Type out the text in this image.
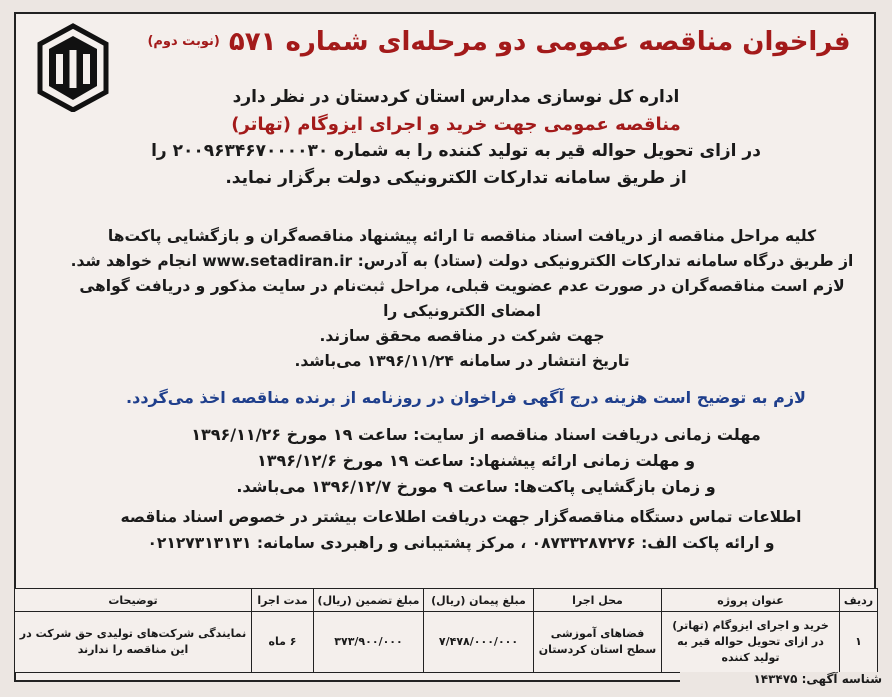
فراخوان مناقصه عمومی دو مرحله‌ای شماره ۵۷۱ $^{(نوبت دوم)}$
اداره کل نوسازی مدارس استان کردستان در نظر دارد
مناقصه عمومی جهت خرید و اجرای ایزوگام (تهاتر)
در ازای تحویل حواله قیر به تولید کننده را به شماره ۲۰۰۹۶۳۴۶۷۰۰۰۰۳۰ را
از طریق سامانه تدارکات الکترونیکی دولت برگزار نماید.
کلیه مراحل مناقصه از دریافت اسناد مناقصه تا ارائه پیشنهاد مناقصه‌گران و بازگشایی پاکت‌ها
از طریق درگاه سامانه تدارکات الکترونیکی دولت (ستاد) به آدرس: www.setadiran.ir انجام خواهد شد.
لازم است مناقصه‌گران در صورت عدم عضویت قبلی، مراحل ثبت‌نام در سایت مذکور و دریافت گواهی امضای الکترونیکی را
جهت شرکت در مناقصه محقق سازند.
تاریخ انتشار در سامانه ۱۳۹۶/۱۱/۲۴ می‌باشد.
لازم به توضیح است هزینه درج آگهی فراخوان در روزنامه از برنده مناقصه اخذ می‌گردد.
مهلت زمانی دریافت اسناد مناقصه از سایت: ساعت ۱۹ مورخ ۱۳۹۶/۱۱/۲۶
و مهلت زمانی ارائه پیشنهاد: ساعت ۱۹ مورخ ۱۳۹۶/۱۲/۶
و زمان بازگشایی پاکت‌ها: ساعت ۹ مورخ ۱۳۹۶/۱۲/۷ می‌باشد.
اطلاعات تماس دستگاه مناقصه‌گزار جهت دریافت اطلاعات بیشتر در خصوص اسناد مناقصه
و ارائه پاکت الف: ۰۸۷۳۳۲۸۷۲۷۶ ، مرکز پشتیبانی و راهبردی سامانه: ۰۲۱۲۷۳۱۳۱۳۱
ردیف	عنوان پروژه	محل اجرا	مبلغ پیمان (ریال)	مبلغ تضمین (ریال)	مدت اجرا	توضیحات
۱	خرید و اجرای ایزوگام (تهاتر) در ازای تحویل حواله قیر به تولید کننده	فضاهای آموزشی سطح استان کردستان	۷/۴۷۸/۰۰۰/۰۰۰	۳۷۳/۹۰۰/۰۰۰	۶ ماه	نمایندگی شرکت‌های تولیدی حق شرکت در این مناقصه را ندارند
شناسه آگهی: ۱۴۳۴۷۵
